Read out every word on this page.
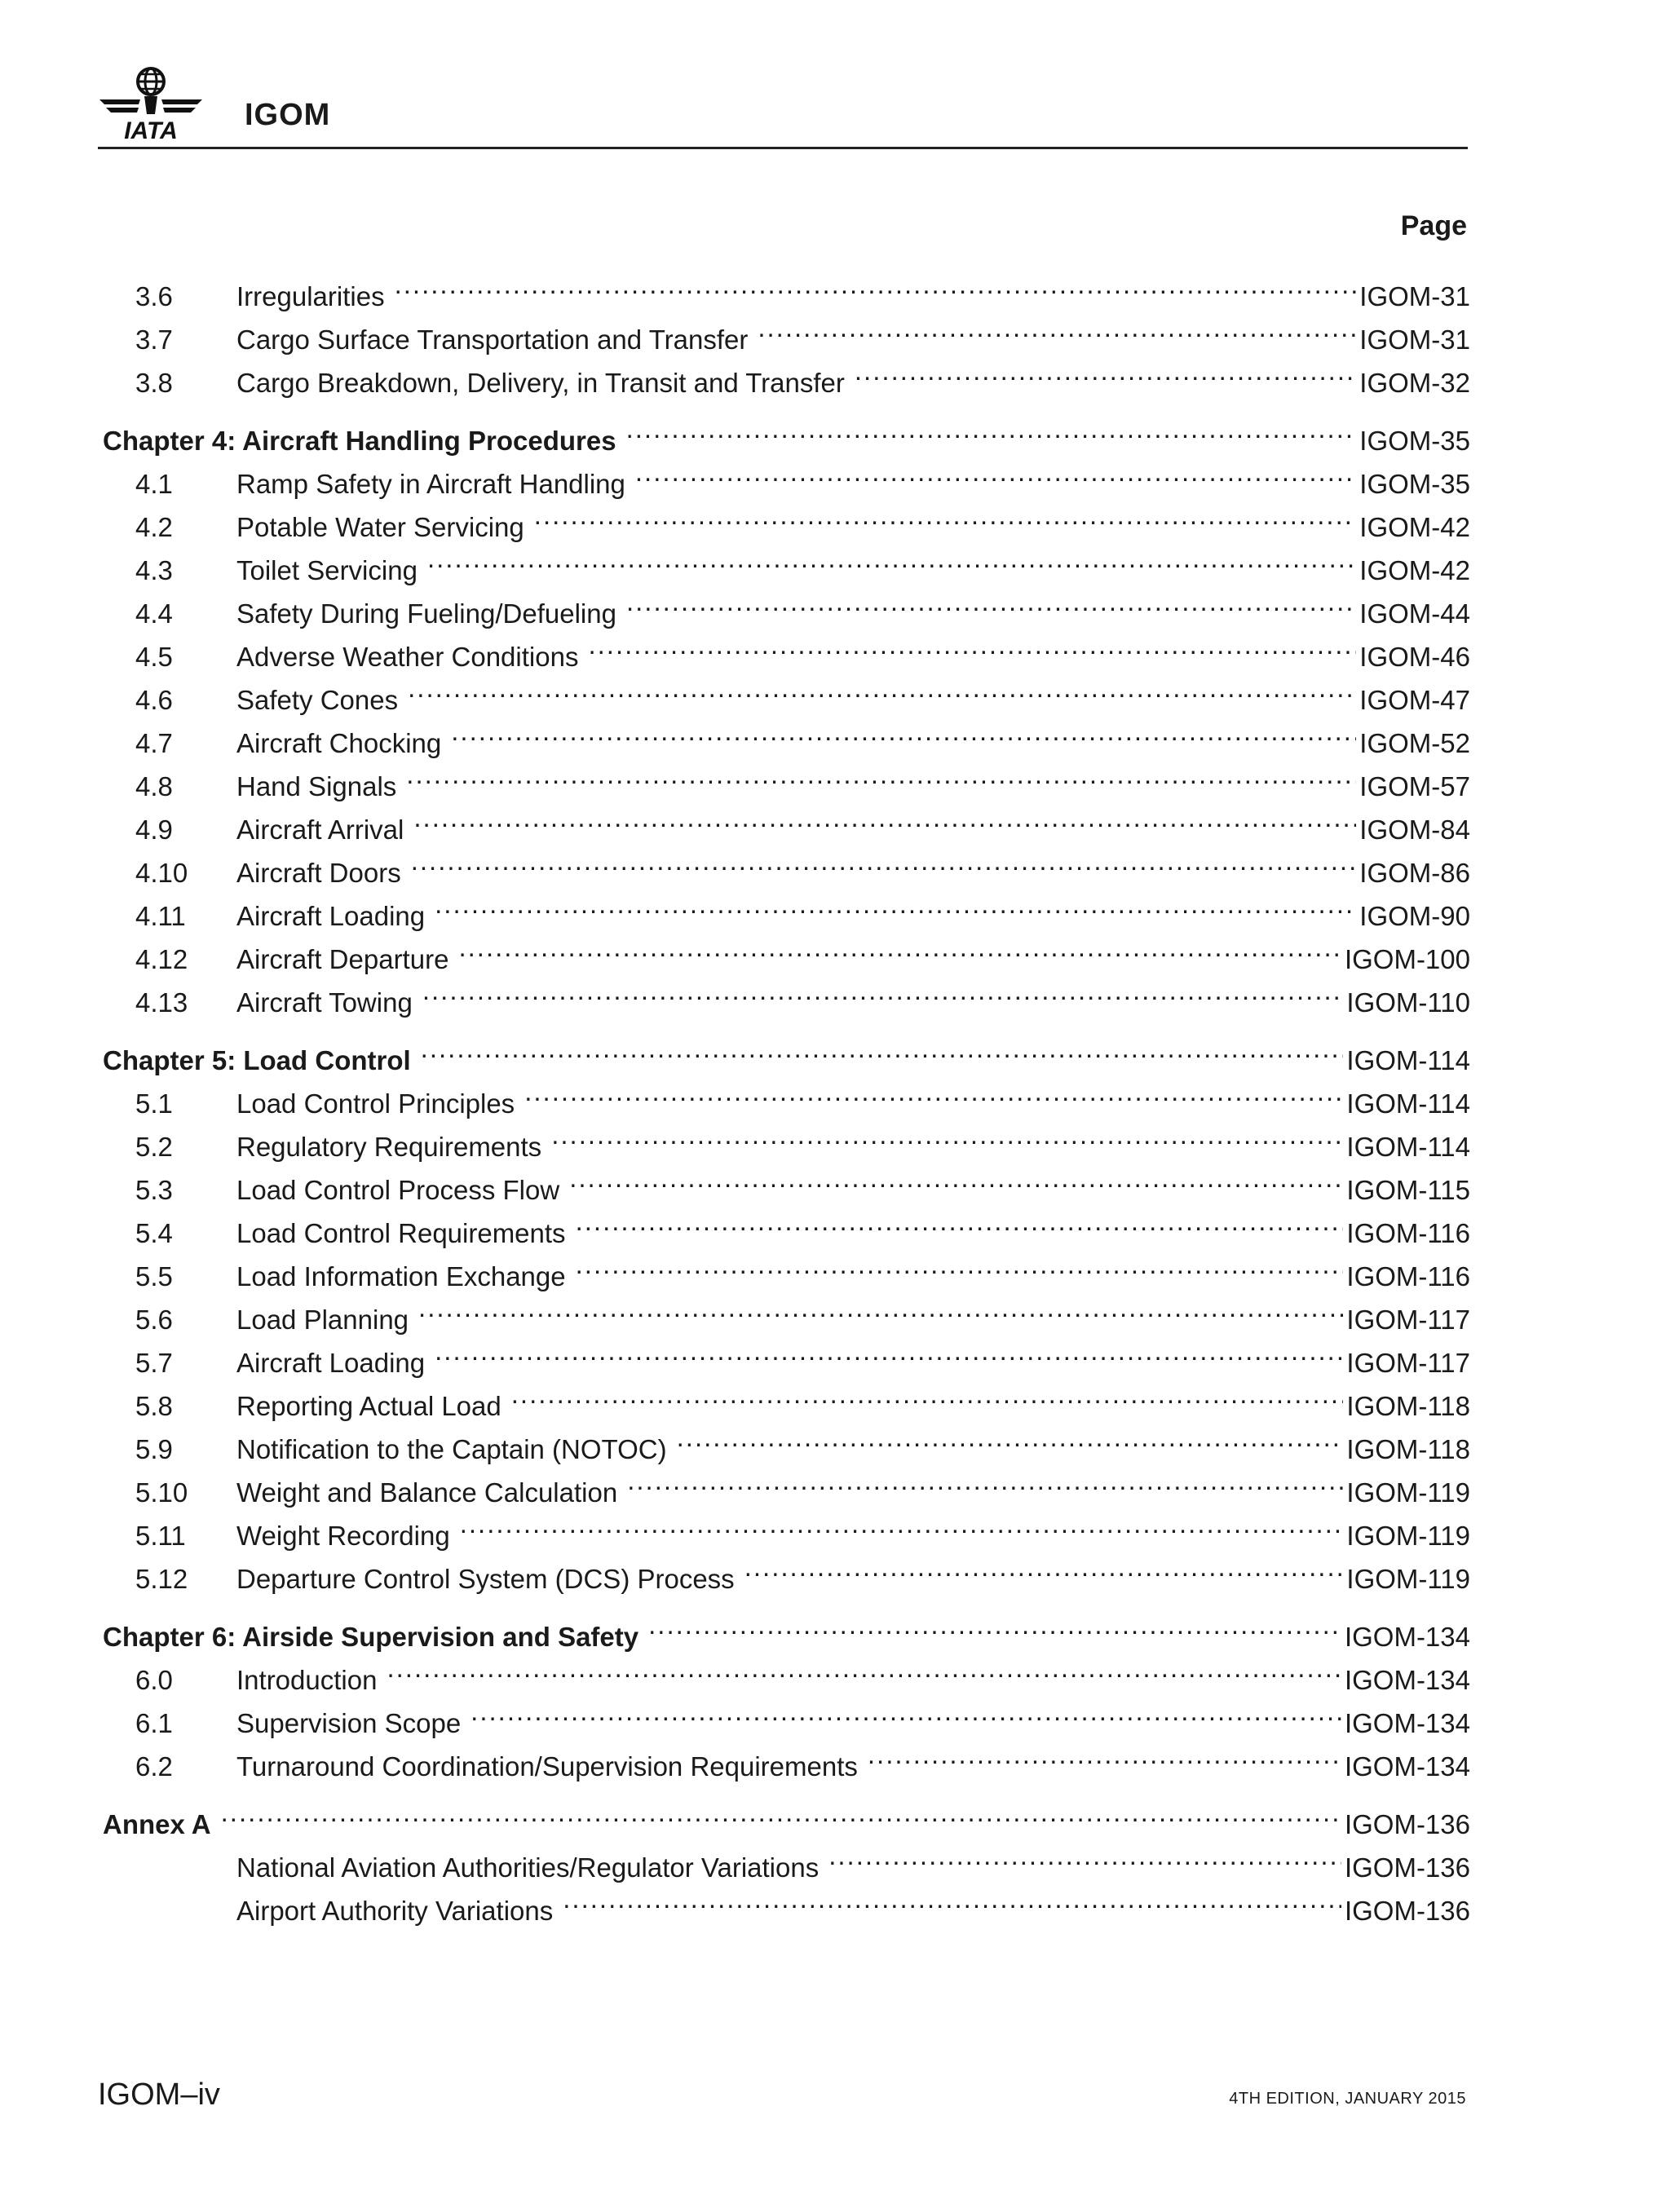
IATA IGOM
Page
3.6	Irregularities .....	IGOM-31
3.7	Cargo Surface Transportation and Transfer .....	IGOM-31
3.8	Cargo Breakdown, Delivery, in Transit and Transfer .....	IGOM-32
Chapter 4: Aircraft Handling Procedures .....	IGOM-35
4.1	Ramp Safety in Aircraft Handling .....	IGOM-35
4.2	Potable Water Servicing .....	IGOM-42
4.3	Toilet Servicing .....	IGOM-42
4.4	Safety During Fueling/Defueling .....	IGOM-44
4.5	Adverse Weather Conditions .....	IGOM-46
4.6	Safety Cones .....	IGOM-47
4.7	Aircraft Chocking .....	IGOM-52
4.8	Hand Signals .....	IGOM-57
4.9	Aircraft Arrival .....	IGOM-84
4.10	Aircraft Doors .....	IGOM-86
4.11	Aircraft Loading .....	IGOM-90
4.12	Aircraft Departure .....	IGOM-100
4.13	Aircraft Towing .....	IGOM-110
Chapter 5: Load Control .....	IGOM-114
5.1	Load Control Principles .....	IGOM-114
5.2	Regulatory Requirements .....	IGOM-114
5.3	Load Control Process Flow .....	IGOM-115
5.4	Load Control Requirements .....	IGOM-116
5.5	Load Information Exchange .....	IGOM-116
5.6	Load Planning .....	IGOM-117
5.7	Aircraft Loading .....	IGOM-117
5.8	Reporting Actual Load .....	IGOM-118
5.9	Notification to the Captain (NOTOC) .....	IGOM-118
5.10	Weight and Balance Calculation .....	IGOM-119
5.11	Weight Recording .....	IGOM-119
5.12	Departure Control System (DCS) Process .....	IGOM-119
Chapter 6: Airside Supervision and Safety .....	IGOM-134
6.0	Introduction .....	IGOM-134
6.1	Supervision Scope .....	IGOM-134
6.2	Turnaround Coordination/Supervision Requirements .....	IGOM-134
Annex A .....	IGOM-136
National Aviation Authorities/Regulator Variations .....	IGOM-136
Airport Authority Variations .....	IGOM-136
IGOM–iv	4TH EDITION, JANUARY 2015
